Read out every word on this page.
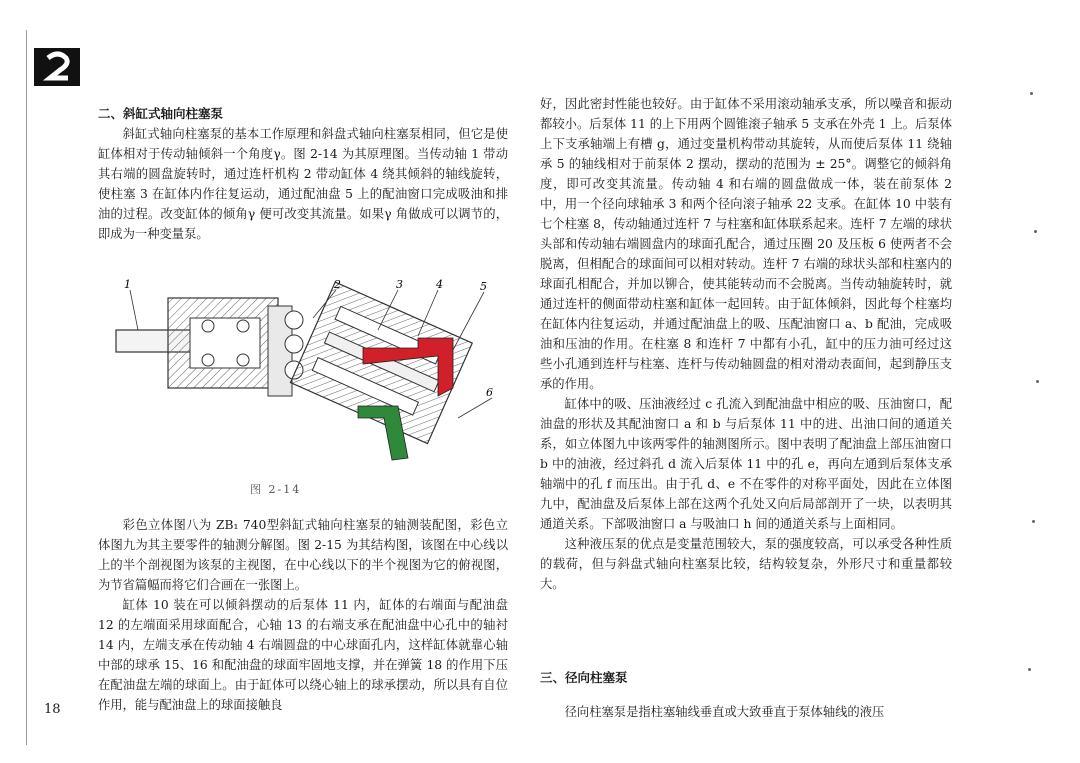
二、斜缸式轴向柱塞泵

斜缸式轴向柱塞泵的基本工作原理和斜盘式轴向柱塞泵相同，但它是使缸体相对于传动轴倾斜一个角度γ。图 2-14 为其原理图。当传动轴 1 带动其右端的圆盘旋转时，通过连杆机构 2 带动缸体 4 绕其倾斜的轴线旋转，使柱塞 3 在缸体内作往复运动，通过配油盘 5 上的配油窗口完成吸油和排油的过程。改变缸体的倾角γ 便可改变其流量。如果γ 角做成可以调节的，即成为一种变量泵。

1	2	3	4	5
6
图 2-14

彩色立体图八为 ZB₁ 740型斜缸式轴向柱塞泵的轴测装配图，彩色立体图九为其主要零件的轴测分解图。图 2-15 为其结构图，该图在中心线以上的半个剖视图为该泵的主视图，在中心线以下的半个视图为它的俯视图，为节省篇幅而将它们合画在一张图上。

缸体 10 装在可以倾斜摆动的后泵体 11 内，缸体的右端面与配油盘 12 的左端面采用球面配合，心轴 13 的右端支承在配油盘中心孔中的轴衬 14 内，左端支承在传动轴 4 右端圆盘的中心球面孔内，这样缸体就靠心轴中部的球承 15、16 和配油盘的球面牢固地支撑，并在弹簧 18 的作用下压在配油盘左端的球面上。由于缸体可以绕心轴上的球承摆动，所以具有自位作用，能与配油盘上的球面接触良

18

好，因此密封性能也较好。由于缸体不采用滚动轴承支承，所以噪音和振动都较小。后泵体 11 的上下用两个圆锥滚子轴承 5 支承在外壳 1 上。后泵体上下支承轴端上有槽 g，通过变量机构带动其旋转，从而使后泵体 11 绕轴承 5 的轴线相对于前泵体 2 摆动，摆动的范围为 ± 25°。调整它的倾斜角度，即可改变其流量。传动轴 4 和右端的圆盘做成一体，装在前泵体 2 中，用一个径向球轴承 3 和两个径向滚子轴承 22 支承。在缸体 10 中装有七个柱塞 8，传动轴通过连杆 7 与柱塞和缸体联系起来。连杆 7 左端的球状头部和传动轴右端圆盘内的球面孔配合，通过压圈 20 及压板 6 使两者不会脱离，但相配合的球面间可以相对转动。连杆 7 右端的球状头部和柱塞内的球面孔相配合，并加以铆合，使其能转动而不会脱离。当传动轴旋转时，就通过连杆的侧面带动柱塞和缸体一起回转。由于缸体倾斜，因此每个柱塞均在缸体内往复运动，并通过配油盘上的吸、压配油窗口 a、b 配油，完成吸油和压油的作用。在柱塞 8 和连杆 7 中都有小孔，缸中的压力油可经过这些小孔通到连杆与柱塞、连杆与传动轴圆盘的相对滑动表面间，起到静压支承的作用。

缸体中的吸、压油液经过 c 孔流入到配油盘中相应的吸、压油窗口，配油盘的形状及其配油窗口 a 和 b 与后泵体 11 中的进、出油口间的通道关系，如立体图九中该两零件的轴测图所示。图中表明了配油盘上部压油窗口 b 中的油液，经过斜孔 d 流入后泵体 11 中的孔 e，再向左通到后泵体支承轴端中的孔 f 而压出。由于孔 d、e 不在零件的对称平面处，因此在立体图九中，配油盘及后泵体上部在这两个孔处又向后局部剖开了一块，以表明其通道关系。下部吸油窗口 a 与吸油口 h 间的通道关系与上面相同。

这种液压泵的优点是变量范围较大，泵的强度较高，可以承受各种性质的载荷，但与斜盘式轴向柱塞泵比较，结构较复杂，外形尺寸和重量都较大。

三、径向柱塞泵

径向柱塞泵是指柱塞轴线垂直或大致垂直于泵体轴线的液压
